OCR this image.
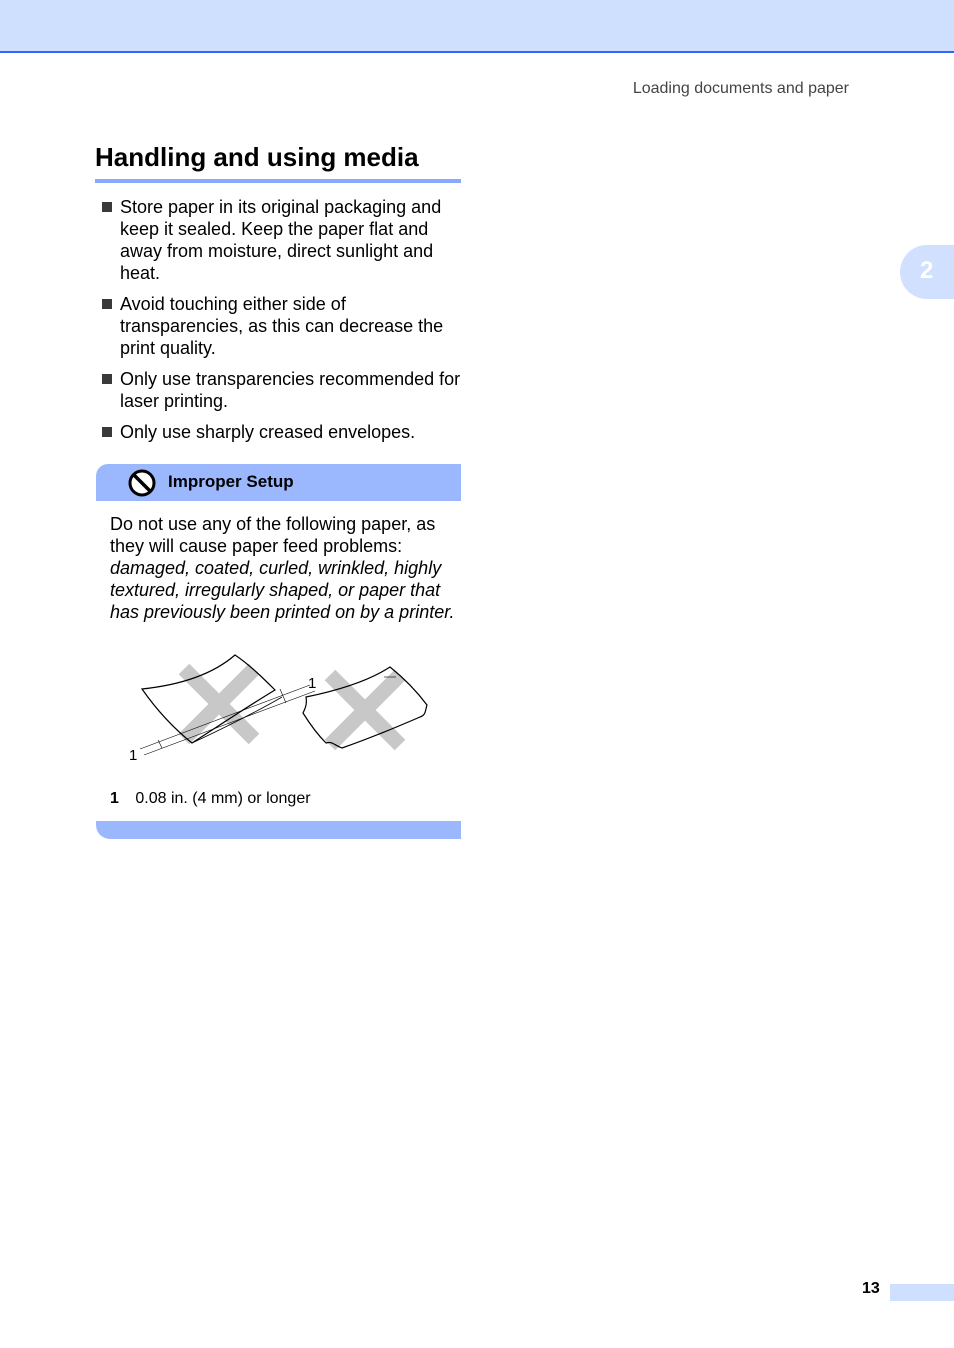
Loading documents and paper
2
Handling and using media
Store paper in its original packaging and keep it sealed. Keep the paper flat and away from moisture, direct sunlight and heat.
Avoid touching either side of transparencies, as this can decrease the print quality.
Only use transparencies recommended for laser printing.
Only use sharply creased envelopes.
Improper Setup
Do not use any of the following paper, as they will cause paper feed problems: damaged, coated, curled, wrinkled, highly textured, irregularly shaped, or paper that has previously been printed on by a printer.
1
1
1 0.08 in. (4 mm) or longer
13
